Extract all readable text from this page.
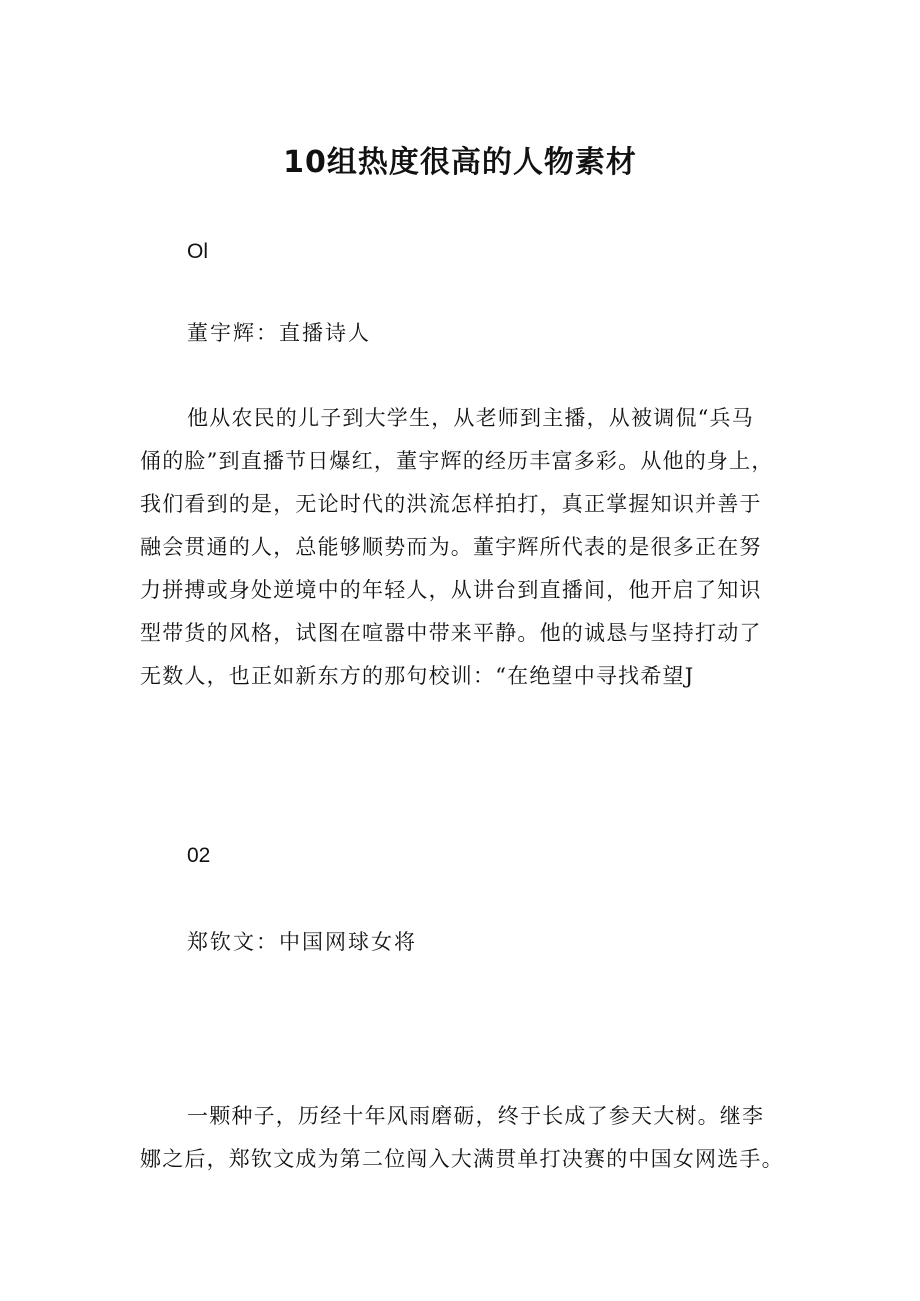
10组热度很高的人物素材
Ol
董宇辉：直播诗人
他从农民的儿子到大学生，从老师到主播，从被调侃“兵马
俑的脸”到直播节日爆红，董宇辉的经历丰富多彩。从他的身上，
我们看到的是，无论时代的洪流怎样拍打，真正掌握知识并善于
融会贯通的人，总能够顺势而为。董宇辉所代表的是很多正在努
力拼搏或身处逆境中的年轻人，从讲台到直播间，他开启了知识
型带货的风格，试图在喧嚣中带来平静。他的诚恳与坚持打动了
无数人，也正如新东方的那句校训：“在绝望中寻找希望J
02
郑钦文：中国网球女将
一颗种子，历经十年风雨磨砺，终于长成了参天大树。继李
娜之后，郑钦文成为第二位闯入大满贯单打决赛的中国女网选手。
